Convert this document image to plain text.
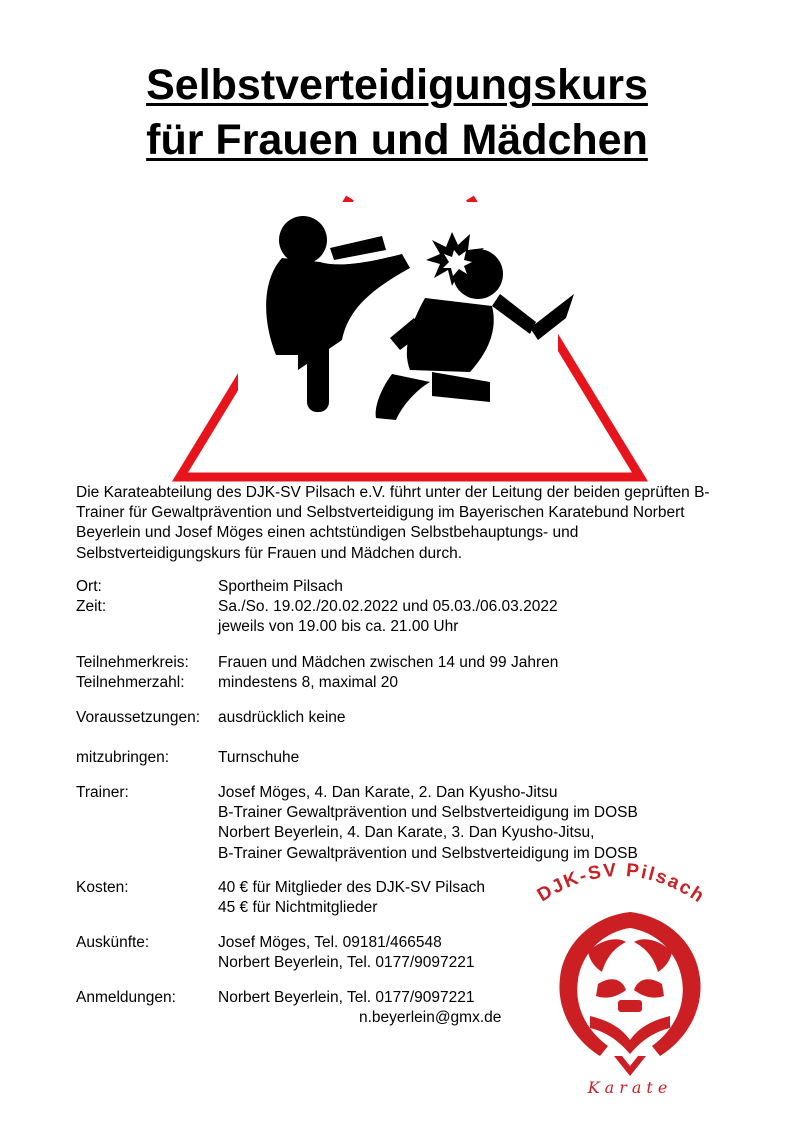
Selbstverteidigungskurs
für Frauen und Mädchen

Die Karateabteilung des DJK-SV Pilsach e.V. führt unter der Leitung der beiden geprüften B-Trainer für Gewaltprävention und Selbstverteidigung im Bayerischen Karatebund Norbert Beyerlein und Josef Möges einen achtstündigen Selbstbehauptungs- und Selbstverteidigungskurs für Frauen und Mädchen durch.

Ort:	Sportheim Pilsach
Zeit:	Sa./So. 19.02./20.02.2022 und 05.03./06.03.2022
jeweils von 19.00 bis ca. 21.00 Uhr
Teilnehmerkreis: Frauen und Mädchen zwischen 14 und 99 Jahren
Teilnehmerzahl: mindestens 8, maximal 20
Voraussetzungen: ausdrücklich keine
mitzubringen:	Turnschuhe
Trainer:	Josef Möges, 4. Dan Karate, 2. Dan Kyusho-Jitsu
B-Trainer Gewaltprävention und Selbstverteidigung im DOSB
Norbert Beyerlein, 4. Dan Karate, 3. Dan Kyusho-Jitsu,
B-Trainer Gewaltprävention und Selbstverteidigung im DOSB
Kosten:	40 € für Mitglieder des DJK-SV Pilsach
45 € für Nichtmitglieder
Auskünfte:	Josef Möges, Tel. 09181/466548
Norbert Beyerlein, Tel. 0177/9097221
Anmeldungen:	Norbert Beyerlein, Tel. 0177/9097221
n.beyerlein@gmx.de
DJK-SV Pilsach
Karate
